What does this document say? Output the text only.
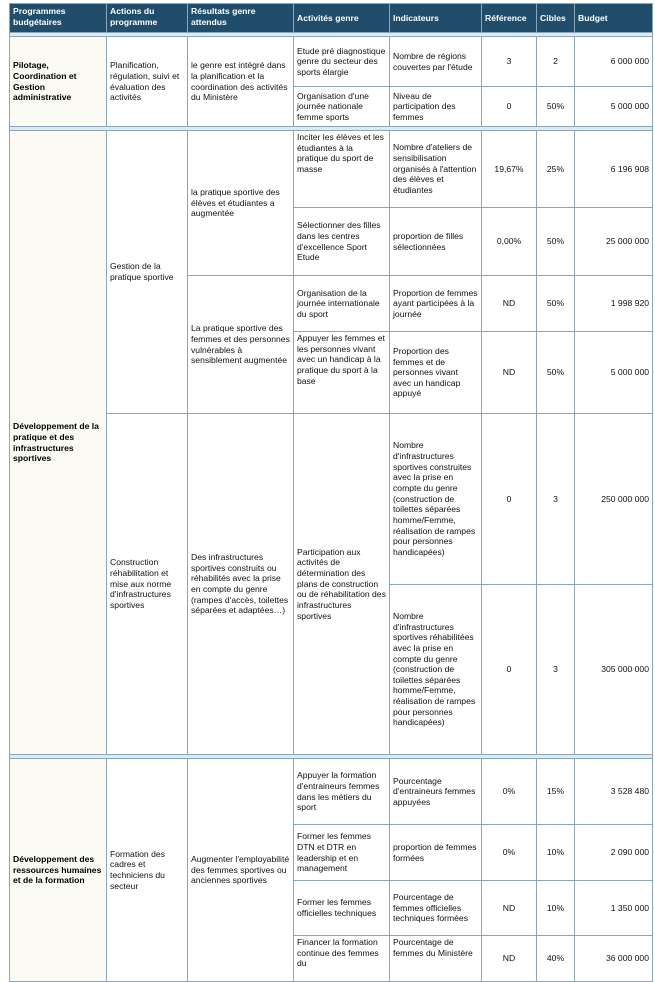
Programmes budgétaires	Actions du programme	Résultats genre attendus	Activités genre	Indicateurs	Référence	Cibles	Budget

Pilotage, Coordination et Gestion administrative	Planification, régulation, suivi et évaluation des activités	le genre est intégré dans la planification et la coordination des activités du Ministère	Etude pré diagnostique genre du secteur des sports élargie	Nombre de régions couvertes par l'étude	3	2	6 000 000
			Organisation d'une journée nationale femme sports	Niveau de participation des femmes	0	50%	5 000 000

Développement de la pratique et des infrastructures sportives	Gestion de la pratique sportive	la pratique sportive des élèves et étudiantes a augmentée	Inciter les élèves et les étudiantes à la pratique du sport de masse	Nombre d'ateliers de sensibilisation organisés à l'attention des élèves et étudiantes	19,67%	25%	6 196 908
			Sélectionner des filles dans les centres d'excellence Sport Etude	proportion de filles sélectionnées	0,00%	50%	25 000 000
		La pratique sportive des femmes et des personnes vulnérables à sensiblement augmentée	Organisation de la journée internationale du sport	Proportion de femmes ayant participées à la journée	ND	50%	1 998 920
			Appuyer les femmes et les personnes vivant avec un handicap à la pratique du sport à la base	Proportion des femmes et de personnes vivant avec un handicap appuyé	ND	50%	5 000 000
	Construction réhabilitation et mise aux norme d'infrastructures sportives	Des infrastructures sportives construits ou réhabilités avec la prise en compte du genre (rampes d'accès, toilettes séparées et adaptées…)	Participation aux activités de détermination des plans de construction ou de réhabilitation des infrastructures sportives	Nombre d'infrastructures sportives construites avec la prise en compte du genre (construction de toilettes séparées homme/Femme, réalisation de rampes pour personnes handicapées)	0	3	250 000 000
				Nombre d'infrastructures sportives réhabilitées avec la prise en compte du genre (construction de toilettes séparées homme/Femme, réalisation de rampes pour personnes handicapées)	0	3	305 000 000

Développement des ressources humaines et de la formation	Formation des cadres et techniciens du secteur	Augmenter l'employabilité des femmes sportives ou anciennes sportives	Appuyer la formation d'entraineurs femmes dans les métiers du sport	Pourcentage d'entraineurs femmes appuyées	0%	15%	3 528 480
			Former les femmes DTN et DTR en leadership et en management	proportion de femmes formées	0%	10%	2 090 000
			Former les femmes officielles techniques	Pourcentage de femmes officielles techniques formées	ND	10%	1 350 000
			Financer la formation continue des femmes du	Pourcentage de femmes du Ministère	ND	40%	36 000 000
